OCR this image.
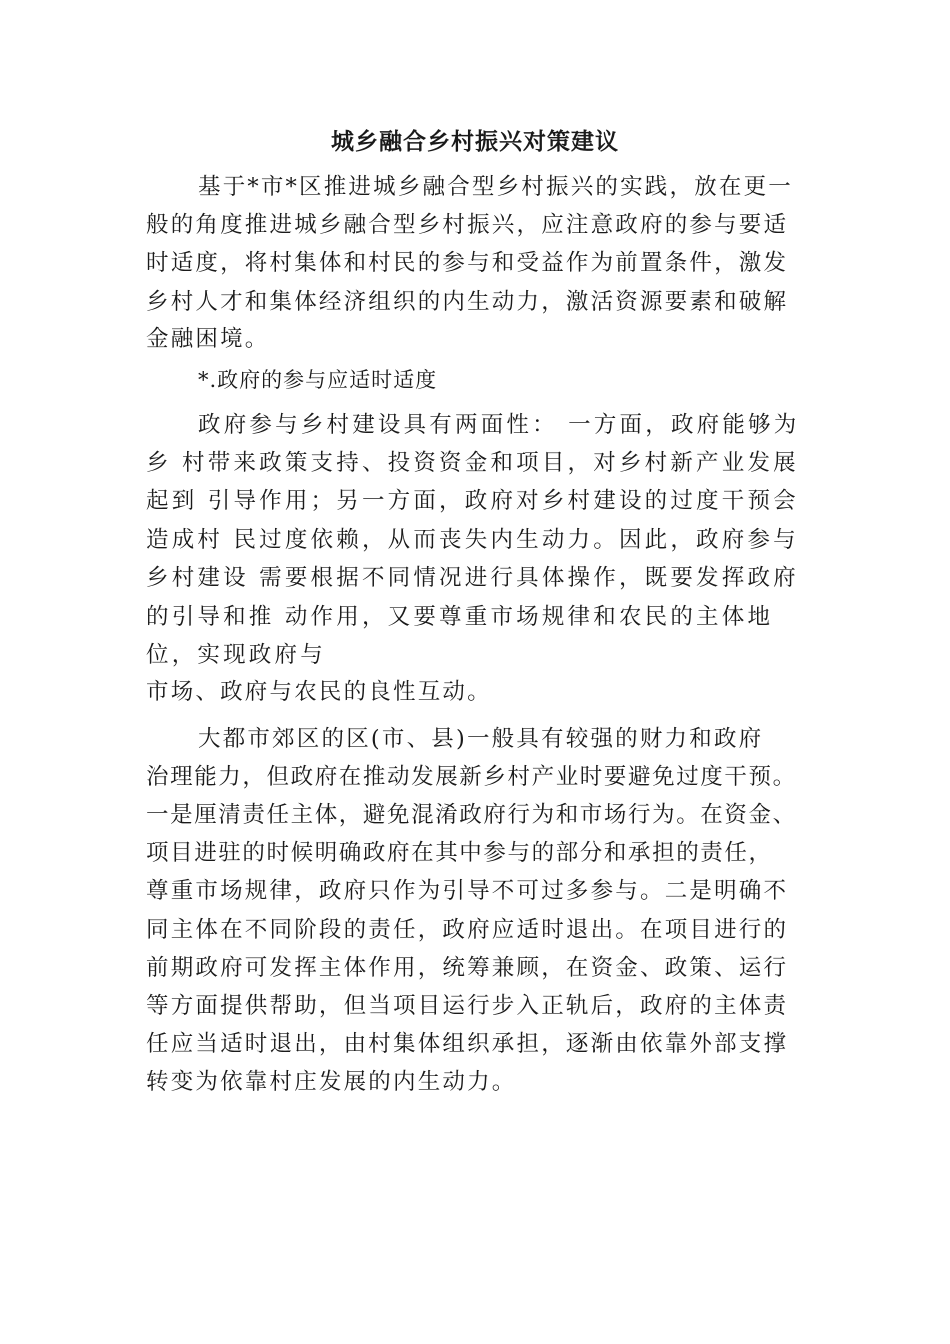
城乡融合乡村振兴对策建议

基于*市*区推进城乡融合型乡村振兴的实践，放在更一

般的角度推进城乡融合型乡村振兴，应注意政府的参与要适

时适度，将村集体和村民的参与和受益作为前置条件，激发

乡村人才和集体经济组织的内生动力，激活资源要素和破解

金融困境。

*.政府的参与应适时适度

政府参与乡村建设具有两面性： 一方面，政府能够为

乡 村带来政策支持、投资资金和项目，对乡村新产业发展

起到 引导作用；另一方面，政府对乡村建设的过度干预会

造成村 民过度依赖，从而丧失内生动力。因此，政府参与

乡村建设 需要根据不同情况进行具体操作，既要发挥政府

的引导和推 动作用，又要尊重市场规律和农民的主体地

位，实现政府与

市场、政府与农民的良性互动。

大都市郊区的区(市、县)一般具有较强的财力和政府

治理能力，但政府在推动发展新乡村产业时要避免过度干预。

一是厘清责任主体，避免混淆政府行为和市场行为。在资金、

项目进驻的时候明确政府在其中参与的部分和承担的责任，

尊重市场规律，政府只作为引导不可过多参与。二是明确不

同主体在不同阶段的责任，政府应适时退出。在项目进行的

前期政府可发挥主体作用，统筹兼顾，在资金、政策、运行

等方面提供帮助，但当项目运行步入正轨后，政府的主体责

任应当适时退出，由村集体组织承担，逐渐由依靠外部支撑

转变为依靠村庄发展的内生动力。
